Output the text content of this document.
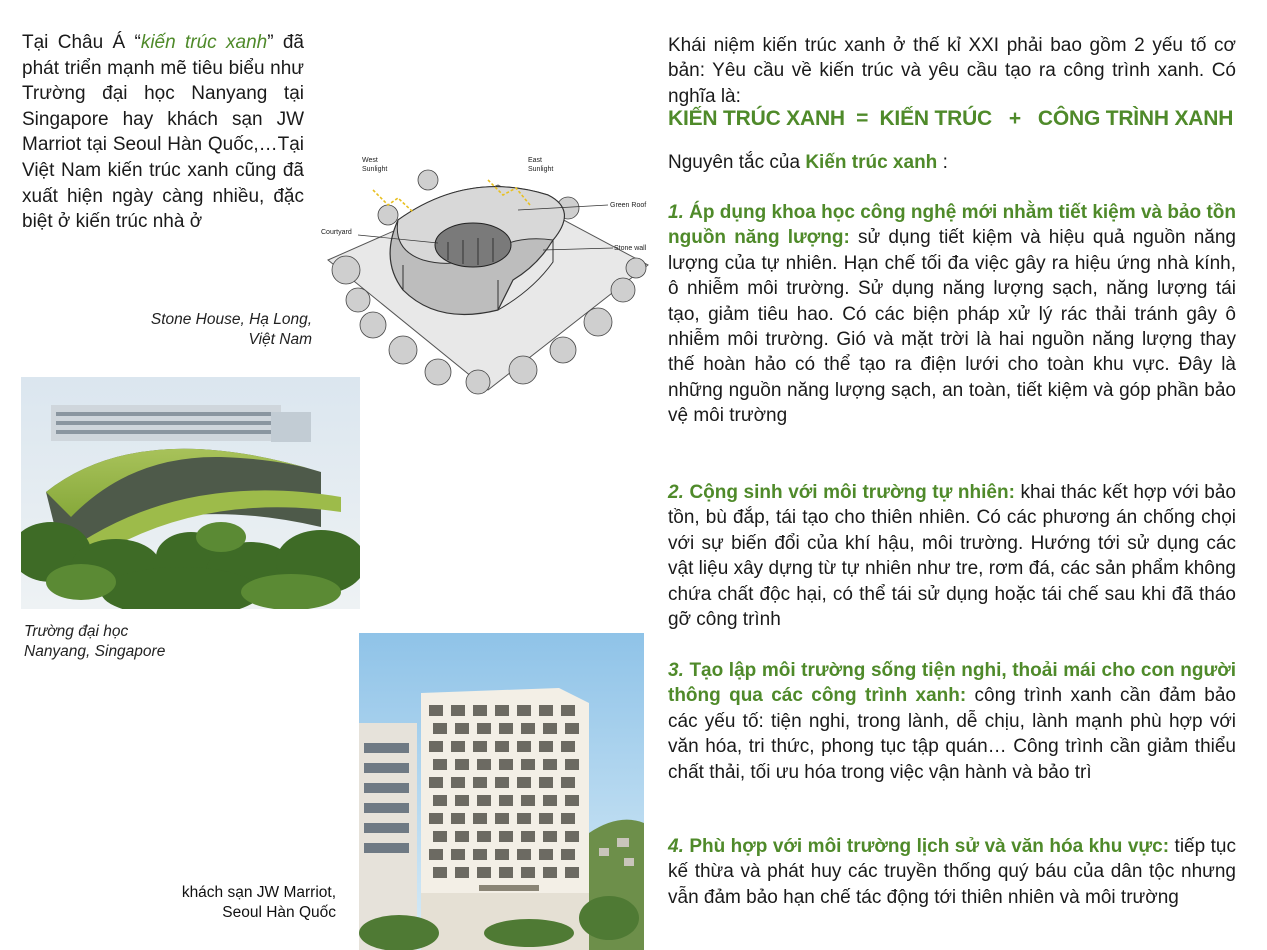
Tại Châu Á “kiến trúc xanh” đã phát triển mạnh mẽ tiêu biểu như Trường đại học Nanyang tại Singapore hay khách sạn JW Marriot tại Seoul Hàn Quốc,…Tại Việt Nam kiến trúc xanh cũng đã xuất hiện ngày càng nhiều, đặc biệt ở kiến trúc nhà ở
West Sunlight
East Sunlight
Green Roof
Courtyard
Stone wall
Stone House, Hạ Long,
Việt Nam
Trường đại học
Nanyang, Singapore
khách sạn JW Marriot,
Seoul Hàn Quốc
Khái niệm kiến trúc xanh ở thế kỉ XXI phải bao gồm 2 yếu tố cơ bản: Yêu cầu về kiến trúc và yêu cầu tạo ra công trình xanh. Có nghĩa là:
KIẾN TRÚC XANH  =  KIẾN TRÚC   +   CÔNG TRÌNH XANH
Nguyên tắc của Kiến trúc xanh :
1. Áp dụng khoa học công nghệ mới nhằm tiết kiệm và bảo tồn nguồn năng lượng: sử dụng tiết kiệm và hiệu quả nguồn năng lượng của tự nhiên. Hạn chế tối đa việc gây ra hiệu ứng nhà kính, ô nhiễm môi trường. Sử dụng năng lượng sạch, năng lượng tái tạo, giảm tiêu hao. Có các biện pháp xử lý rác thải tránh gây ô nhiễm môi trường. Gió và mặt trời là hai nguồn năng lượng thay thế hoàn hảo có thể tạo ra điện lưới cho toàn khu vực. Đây là những nguồn năng lượng sạch, an toàn, tiết kiệm và góp phần bảo vệ môi trường
2. Cộng sinh với môi trường tự nhiên: khai thác kết hợp với bảo tồn, bù đắp, tái tạo cho thiên nhiên. Có các phương án chống chọi với sự biến đổi của khí hậu, môi trường. Hướng tới sử dụng các vật liệu xây dựng từ tự nhiên như tre, rơm đá, các sản phẩm không chứa chất độc hại, có thể tái sử dụng hoặc tái chế sau khi đã tháo gỡ công trình
3. Tạo lập môi trường sống tiện nghi, thoải mái cho con người thông qua các công trình xanh: công trình xanh cần đảm bảo các yếu tố: tiện nghi, trong lành, dễ chịu, lành mạnh phù hợp với văn hóa, tri thức, phong tục tập quán… Công trình cần giảm thiểu chất thải, tối ưu hóa trong việc vận hành và bảo trì
4. Phù hợp với môi trường lịch sử và văn hóa khu vực: tiếp tục kế thừa và phát huy các truyền thống quý báu của dân tộc nhưng vẫn đảm bảo hạn chế tác động tới thiên nhiên và môi trường
